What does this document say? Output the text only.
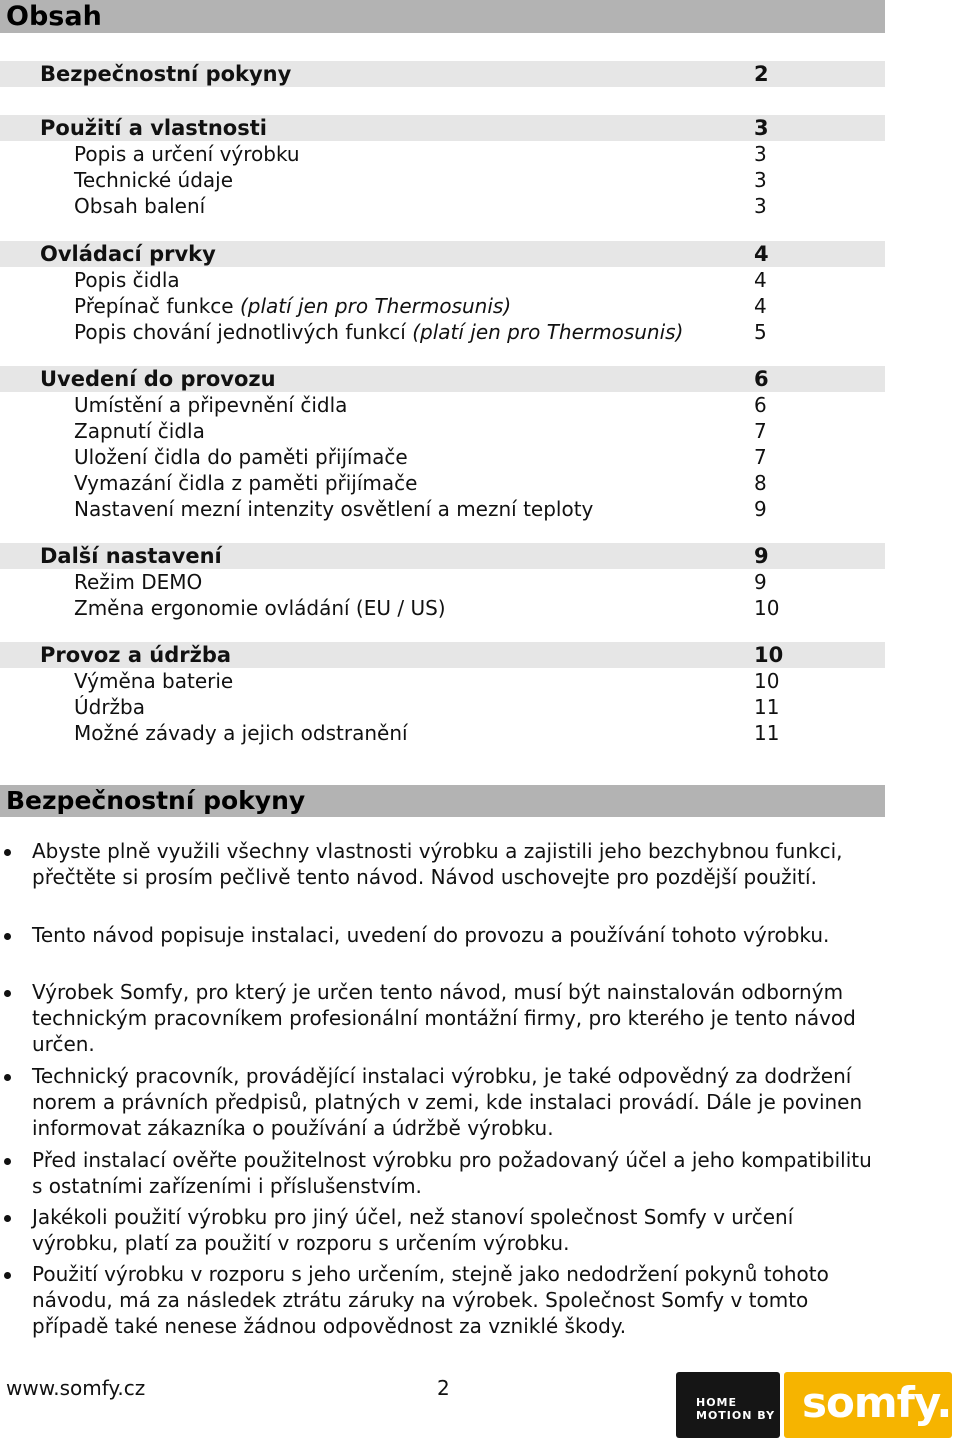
Obsah
Bezpečnostní pokyny	2
Použití a vlastnosti	3
Popis a určení výrobku	3
Technické údaje	3
Obsah balení	3
Ovládací prvky	4
Popis čidla	4
Přepínač funkce (platí jen pro Thermosunis)	4
Popis chování jednotlivých funkcí (platí jen pro Thermosunis)	5
Uvedení do provozu	6
Umístění a připevnění čidla	6
Zapnutí čidla	7
Uložení čidla do paměti přijímače	7
Vymazání čidla z paměti přijímače	8
Nastavení mezní intenzity osvětlení a mezní teploty	9
Další nastavení	9
Režim DEMO	9
Změna ergonomie ovládání (EU / US)	10
Provoz a údržba	10
Výměna baterie	10
Údržba	11
Možné závady a jejich odstranění	11
Bezpečnostní pokyny
Abyste plně využili všechny vlastnosti výrobku a zajistili jeho bezchybnou funkci, přečtěte si prosím pečlivě tento návod. Návod uschovejte pro pozdější použití.
Tento návod popisuje instalaci, uvedení do provozu a používání tohoto výrobku.
Výrobek Somfy, pro který je určen tento návod, musí být nainstalován odborným technickým pracovníkem profesionální montážní firmy, pro kterého je tento návod určen.
Technický pracovník, provádějící instalaci výrobku, je také odpovědný za dodržení norem a právních předpisů, platných v zemi, kde instalaci provádí. Dále je povinen informovat zákazníka o používání a údržbě výrobku.
Před instalací ověřte použitelnost výrobku pro požadovaný účel a jeho kompatibilitu s ostatními zařízeními i příslušenstvím.
Jakékoli použití výrobku pro jiný účel, než stanoví společnost Somfy v určení výrobku, platí za použití v rozporu s určením výrobku.
Použití výrobku v rozporu s jeho určením, stejně jako nedodržení pokynů tohoto návodu, má za následek ztrátu záruky na výrobek. Společnost Somfy v tomto případě také nenese žádnou odpovědnost za vzniklé škody.
www.somfy.cz	2
HOME
MOTION BY somfy.
